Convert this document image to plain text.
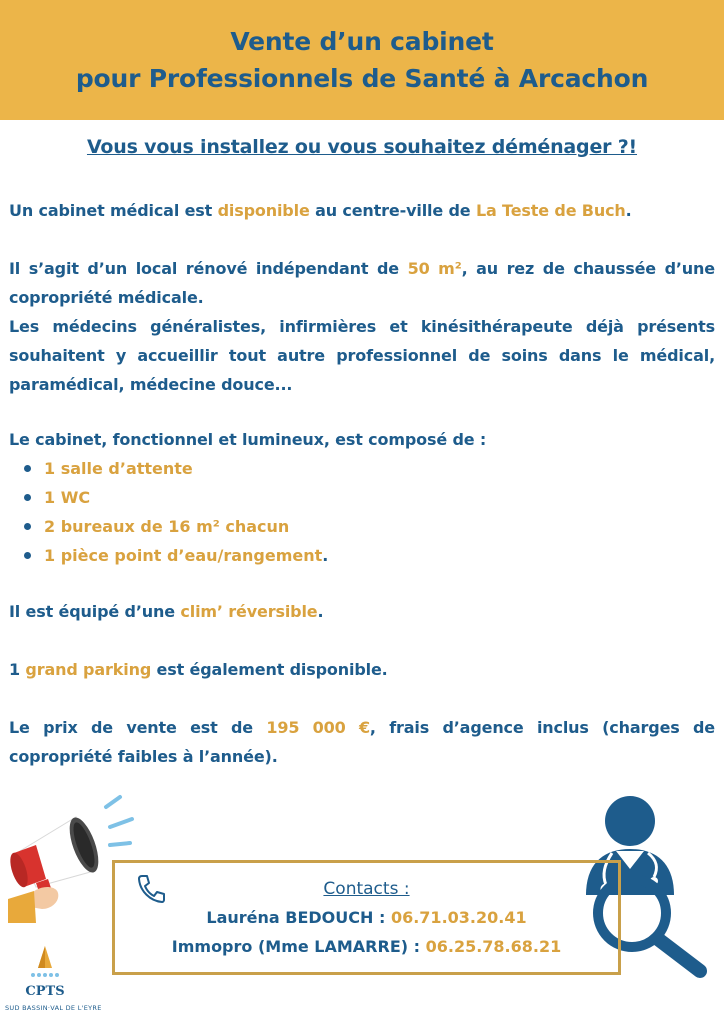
Vente d’un cabinet
pour Professionnels de Santé à Arcachon
Vous vous installez ou vous souhaitez déménager ?!
Un cabinet médical est disponible au centre-ville de La Teste de Buch.
Il s’agit d’un local rénové indépendant de 50 m², au rez de chaussée d’une copropriété médicale.
Les médecins généralistes, infirmières et kinésithérapeute déjà présents souhaitent y accueillir tout autre professionnel de soins dans le médical, paramédical, médecine douce...
Le cabinet, fonctionnel et lumineux, est composé de :
1 salle d’attente
1 WC
2 bureaux de 16 m² chacun
1 pièce point d’eau/rangement.
Il est équipé d’une clim’ réversible.
1 grand parking est également disponible.
Le prix de vente est de 195 000 €, frais d’agence inclus (charges de copropriété faibles à l’année).
Contacts :
Lauréna BEDOUCH : 06.71.03.20.41
Immopro (Mme LAMARRE) : 06.25.78.68.21
CPTS
SUD BASSIN·VAL DE L'EYRE
